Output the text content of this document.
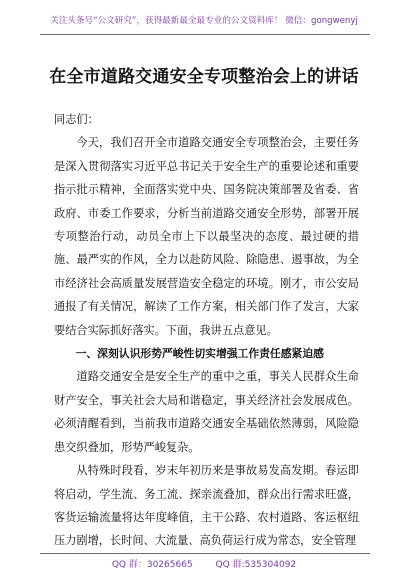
关注头条号“公文研究”，获得最新最全最专业的公文资料库！ 微信：gongwenyj
在全市道路交通安全专项整治会上的讲话

同志们：

今天，我们召开全市道路交通安全专项整治会，主要任务是深入贯彻落实习近平总书记关于安全生产的重要论述和重要指示批示精神，全面落实党中央、国务院决策部署及省委、省政府、市委工作要求，分析当前道路交通安全形势，部署开展专项整治行动，动员全市上下以最坚决的态度、最过硬的措施、最严实的作风，全力以赴防风险、除隐患、遏事故，为全市经济社会高质量发展营造安全稳定的环境。刚才，市公安局通报了有关情况，解读了工作方案，相关部门作了发言，大家要结合实际抓好落实。下面，我讲五点意见。

一、深刻认识形势严峻性切实增强工作责任感紧迫感

道路交通安全是安全生产的重中之重，事关人民群众生命财产安全，事关社会大局和谐稳定，事关经济社会发展成色。必须清醒看到，当前我市道路交通安全基础依然薄弱，风险隐患交织叠加，形势严峻复杂。

从特殊时段看，岁末年初历来是事故易发高发期。春运即将启动，学生流、务工流、探亲流叠加，群众出行需求旺盛，客货运输流量将达年度峰值，主干公路、农村道路、客运枢纽压力剧增，长时间、大流量、高负荷运行成为常态，安全管理

QQ 群：30265665	QQ 群:535304092
